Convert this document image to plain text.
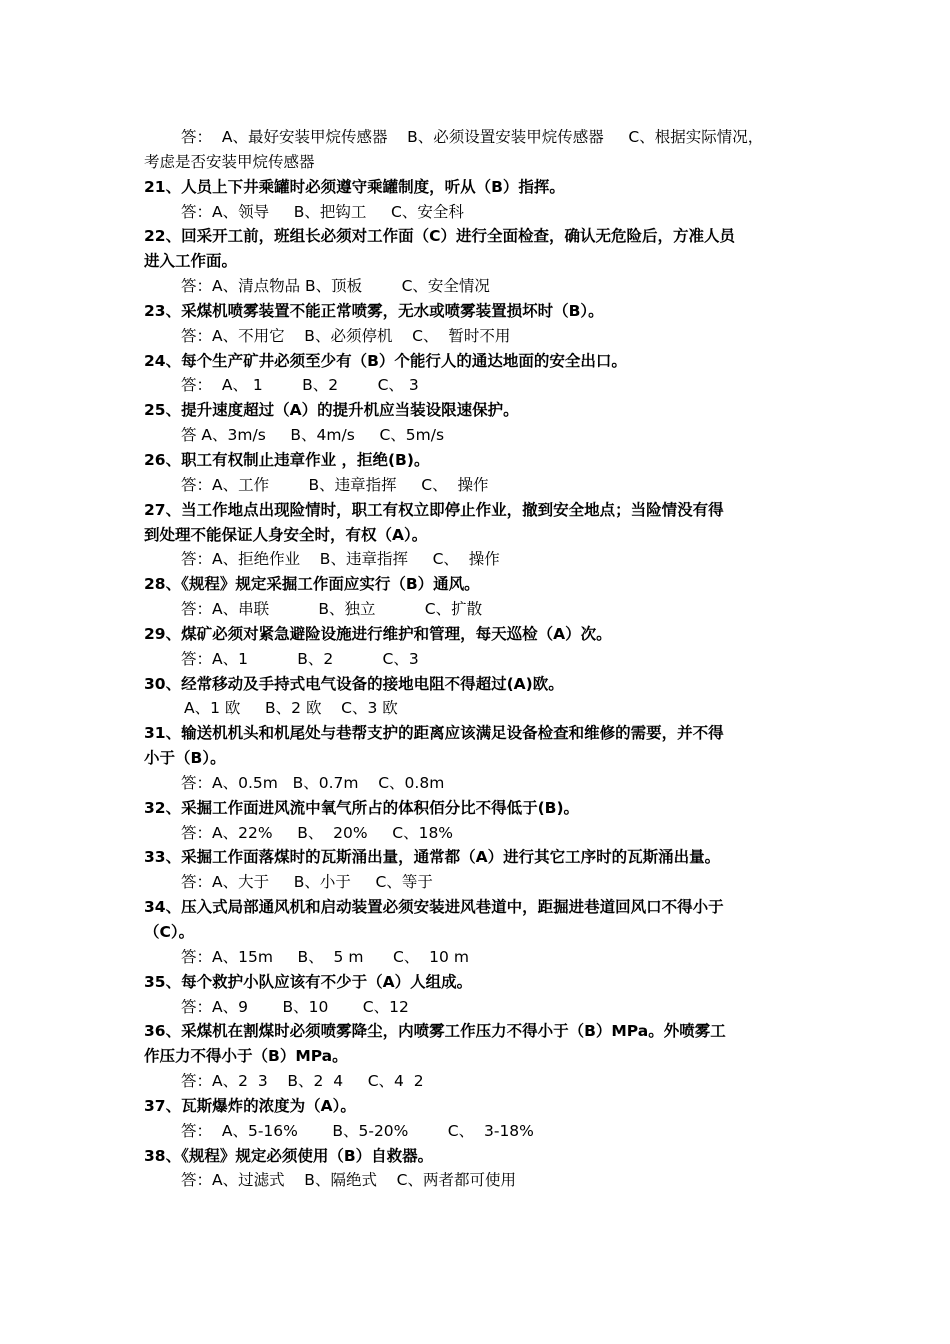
答：  A、最好安装甲烷传感器    B、必须设置安装甲烷传感器     C、根据实际情况，
考虑是否安装甲烷传感器
21、人员上下井乘罐时必须遵守乘罐制度，听从（B）指挥。
答：A、领导     B、把钩工     C、安全科
22、回采开工前，班组长必须对工作面（C）进行全面检查，确认无危险后，方准人员
进入工作面。
答：A、清点物品 B、顶板        C、安全情况
23、采煤机喷雾装置不能正常喷雾，无水或喷雾装置损坏时（B）。
答：A、不用它    B、必须停机    C、  暂时不用
24、每个生产矿井必须至少有（B）个能行人的通达地面的安全出口。
答：  A、 1        B、2        C、 3
25、提升速度超过（A）的提升机应当装设限速保护。
答 A、3m/s     B、4m/s     C、5m/s
26、职工有权制止违章作业 ，拒绝(B)。
答：A、工作        B、违章指挥     C、  操作
27、当工作地点出现险情时，职工有权立即停止作业，撤到安全地点；当险情没有得
到处理不能保证人身安全时，有权（A）。
答：A、拒绝作业    B、违章指挥     C、  操作
28、《规程》规定采掘工作面应实行（B）通风。
答：A、串联          B、独立          C、扩散
29、煤矿必须对紧急避险设施进行维护和管理，每天巡检（A）次。
答：A、1          B、2          C、3
30、经常移动及手持式电气设备的接地电阻不得超过(A)欧。
A、1 欧     B、2 欧    C、3 欧
31、输送机机头和机尾处与巷帮支护的距离应该满足设备检查和维修的需要，并不得
小于（B）。
答：A、0.5m   B、0.7m    C、0.8m
32、采掘工作面进风流中氧气所占的体积佰分比不得低于(B)。
答：A、22%     B、  20%     C、18%
33、采掘工作面落煤时的瓦斯涌出量，通常都（A）进行其它工序时的瓦斯涌出量。
答：A、大于     B、小于     C、等于
34、压入式局部通风机和启动装置必须安装进风巷道中，距掘进巷道回风口不得小于
（C）。
答：A、15m     B、  5 m      C、  10 m
35、每个救护小队应该有不少于（A）人组成。
答：A、9       B、10       C、12
36、采煤机在割煤时必须喷雾降尘，内喷雾工作压力不得小于（B）MPa。外喷雾工
作压力不得小于（B）MPa。
答：A、2  3    B、2  4     C、4  2
37、瓦斯爆炸的浓度为（A）。
答：  A、5-16%       B、5-20%        C、  3-18%
38、《规程》规定必须使用（B）自救器。
答：A、过滤式    B、隔绝式    C、两者都可使用
